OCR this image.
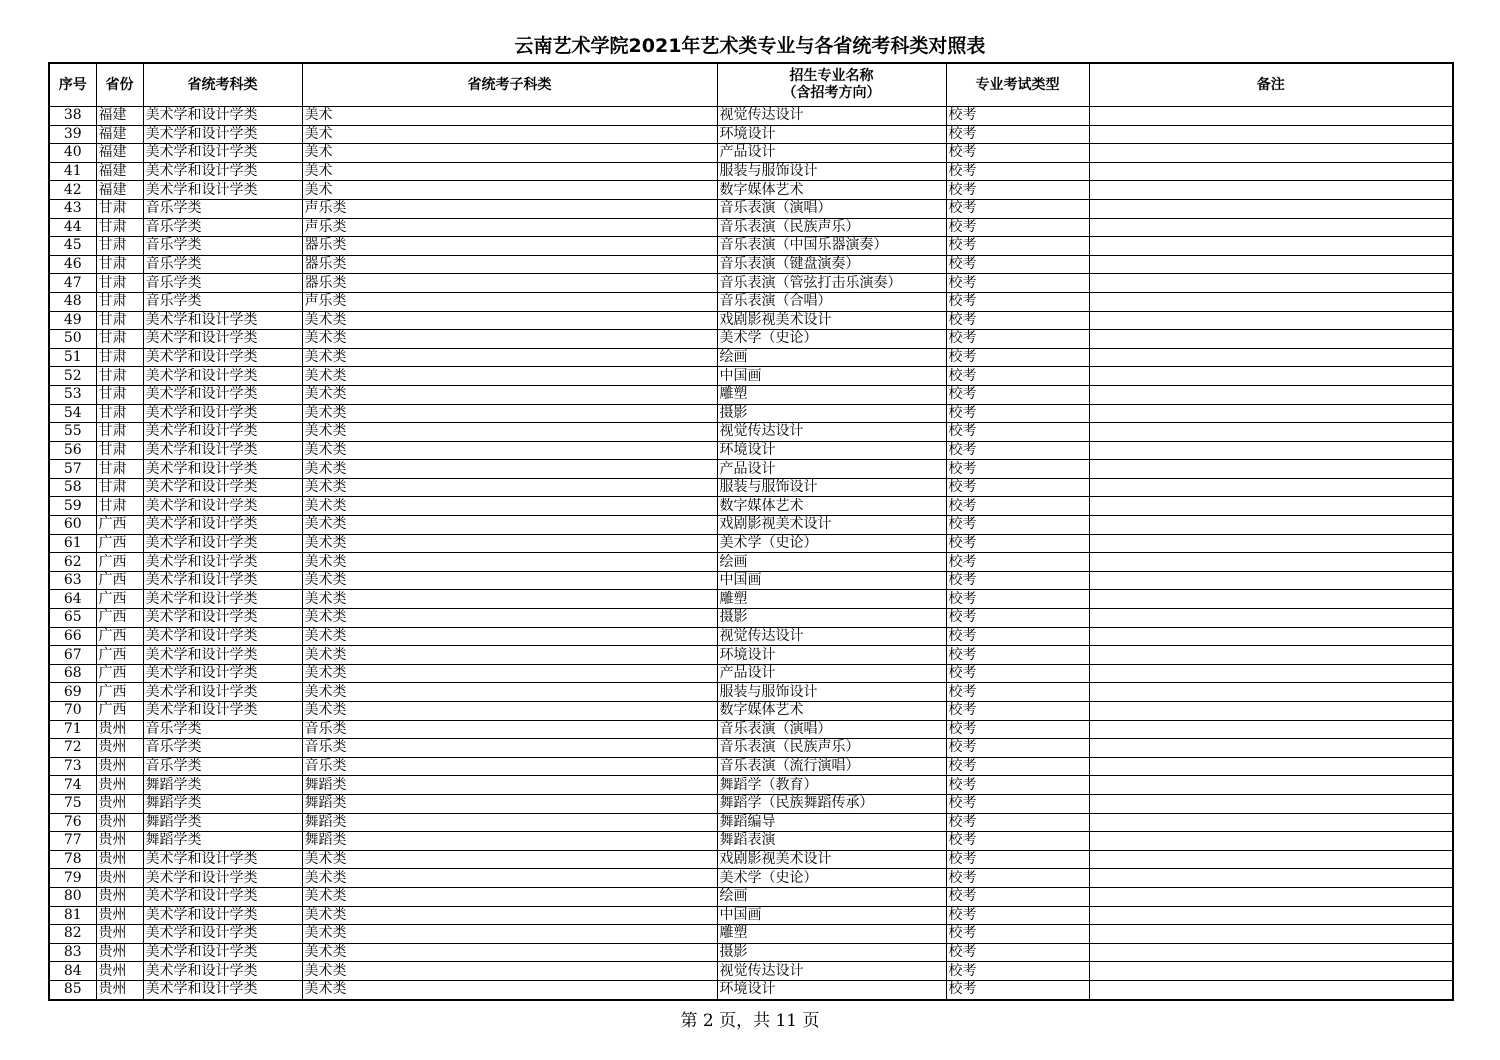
云南艺术学院2021年艺术类专业与各省统考科类对照表
序号	省份	省统考科类	省统考子科类	招生专业名称
（含招考方向）	专业考试类型	备注
38	福建	美术学和设计学类	美术	视觉传达设计	校考	
39	福建	美术学和设计学类	美术	环境设计	校考	
40	福建	美术学和设计学类	美术	产品设计	校考	
41	福建	美术学和设计学类	美术	服装与服饰设计	校考	
42	福建	美术学和设计学类	美术	数字媒体艺术	校考	
43	甘肃	音乐学类	声乐类	音乐表演（演唱）	校考	
44	甘肃	音乐学类	声乐类	音乐表演（民族声乐）	校考	
45	甘肃	音乐学类	器乐类	音乐表演（中国乐器演奏）	校考	
46	甘肃	音乐学类	器乐类	音乐表演（键盘演奏）	校考	
47	甘肃	音乐学类	器乐类	音乐表演（管弦打击乐演奏）	校考	
48	甘肃	音乐学类	声乐类	音乐表演（合唱）	校考	
49	甘肃	美术学和设计学类	美术类	戏剧影视美术设计	校考	
50	甘肃	美术学和设计学类	美术类	美术学（史论）	校考	
51	甘肃	美术学和设计学类	美术类	绘画	校考	
52	甘肃	美术学和设计学类	美术类	中国画	校考	
53	甘肃	美术学和设计学类	美术类	雕塑	校考	
54	甘肃	美术学和设计学类	美术类	摄影	校考	
55	甘肃	美术学和设计学类	美术类	视觉传达设计	校考	
56	甘肃	美术学和设计学类	美术类	环境设计	校考	
57	甘肃	美术学和设计学类	美术类	产品设计	校考	
58	甘肃	美术学和设计学类	美术类	服装与服饰设计	校考	
59	甘肃	美术学和设计学类	美术类	数字媒体艺术	校考	
60	广西	美术学和设计学类	美术类	戏剧影视美术设计	校考	
61	广西	美术学和设计学类	美术类	美术学（史论）	校考	
62	广西	美术学和设计学类	美术类	绘画	校考	
63	广西	美术学和设计学类	美术类	中国画	校考	
64	广西	美术学和设计学类	美术类	雕塑	校考	
65	广西	美术学和设计学类	美术类	摄影	校考	
66	广西	美术学和设计学类	美术类	视觉传达设计	校考	
67	广西	美术学和设计学类	美术类	环境设计	校考	
68	广西	美术学和设计学类	美术类	产品设计	校考	
69	广西	美术学和设计学类	美术类	服装与服饰设计	校考	
70	广西	美术学和设计学类	美术类	数字媒体艺术	校考	
71	贵州	音乐学类	音乐类	音乐表演（演唱）	校考	
72	贵州	音乐学类	音乐类	音乐表演（民族声乐）	校考	
73	贵州	音乐学类	音乐类	音乐表演（流行演唱）	校考	
74	贵州	舞蹈学类	舞蹈类	舞蹈学（教育）	校考	
75	贵州	舞蹈学类	舞蹈类	舞蹈学（民族舞蹈传承）	校考	
76	贵州	舞蹈学类	舞蹈类	舞蹈编导	校考	
77	贵州	舞蹈学类	舞蹈类	舞蹈表演	校考	
78	贵州	美术学和设计学类	美术类	戏剧影视美术设计	校考	
79	贵州	美术学和设计学类	美术类	美术学（史论）	校考	
80	贵州	美术学和设计学类	美术类	绘画	校考	
81	贵州	美术学和设计学类	美术类	中国画	校考	
82	贵州	美术学和设计学类	美术类	雕塑	校考	
83	贵州	美术学和设计学类	美术类	摄影	校考	
84	贵州	美术学和设计学类	美术类	视觉传达设计	校考	
85	贵州	美术学和设计学类	美术类	环境设计	校考	
第 2 页，共 11 页
